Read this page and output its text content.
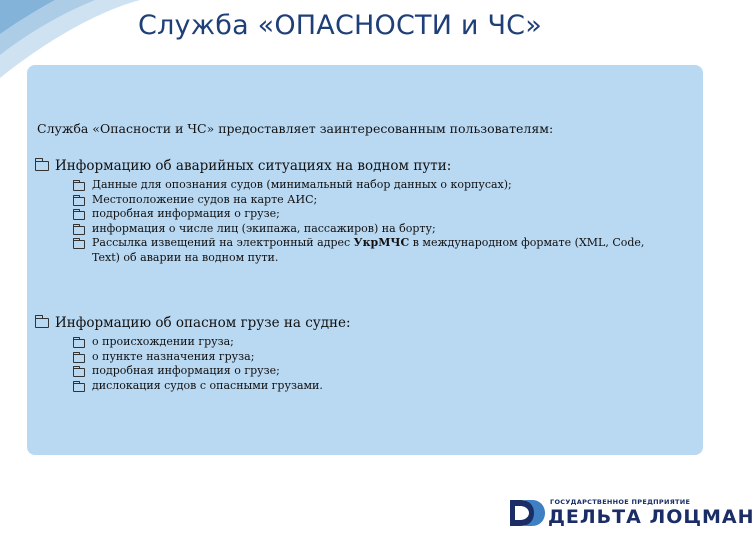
Служба «ОПАСНОСТИ и ЧС»
Служба «Опасности и ЧС» предоставляет заинтересованным пользователям:
Информацию об аварийных ситуациях на водном пути:
Данные для опознания судов (минимальный набор данных о корпусах);
Местоположение судов на карте АИС;
подробная информация о грузе;
информация о числе лиц (экипажа, пассажиров) на борту;
Рассылка извещений на электронный адрес УкрМЧС в международном формате (XML, Code, Text) об аварии на водном пути.
Информацию об опасном грузе на судне:
о происхождении груза;
о пункте назначения груза;
подробная информация о грузе;
дислокация судов с опасными грузами.
ГОСУДАРСТВЕННОЕ ПРЕДПРИЯТИЕ
ДЕЛЬТА ЛОЦМАН
